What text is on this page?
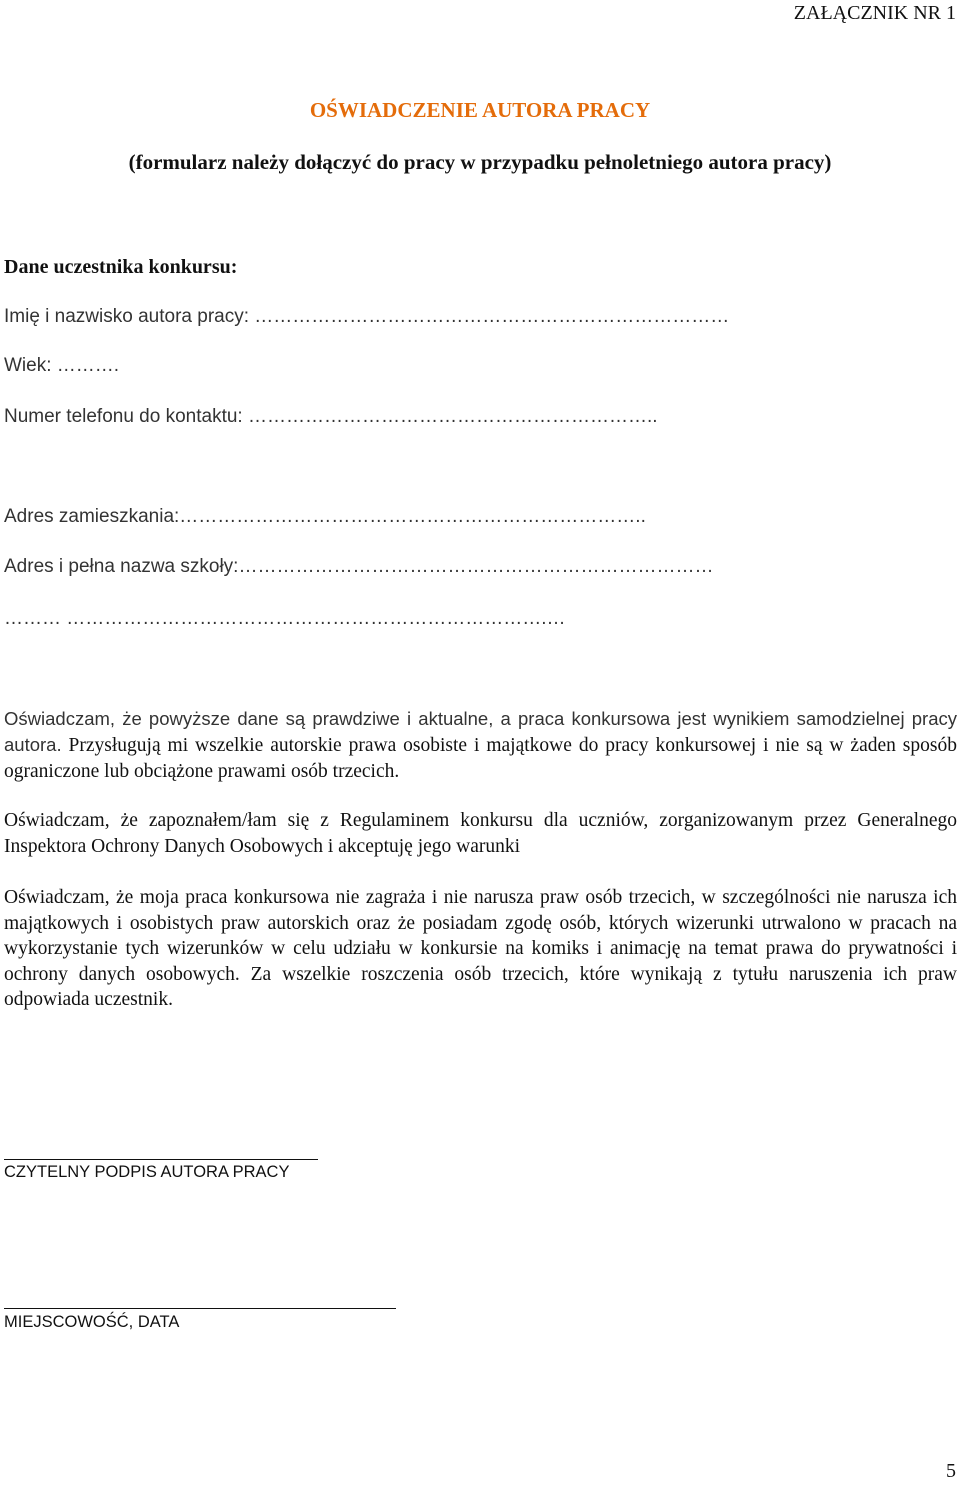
ZAŁĄCZNIK NR 1
OŚWIADCZENIE AUTORA PRACY
(formularz należy dołączyć do pracy w przypadku pełnoletniego autora pracy)
Dane uczestnika konkursu:
Imię i nazwisko autora pracy: …………………………………………………………………
Wiek: ……….
Numer telefonu do kontaktu: ………………………………………………………..
Adres zamieszkania:………………………………………………………………..
Adres i pełna nazwa szkoły:…………………………………………………………………
……… ………………………………………………………………….…
Oświadczam, że powyższe dane są prawdziwe i aktualne, a praca konkursowa jest wynikiem samodzielnej pracy autora. Przysługują mi wszelkie autorskie prawa osobiste i majątkowe do pracy konkursowej i nie są w żaden sposób ograniczone lub obciążone prawami osób trzecich.
Oświadczam, że zapoznałem/łam się z Regulaminem konkursu dla uczniów, zorganizowanym przez Generalnego Inspektora Ochrony Danych Osobowych i akceptuję jego warunki
Oświadczam, że moja praca konkursowa nie zagraża i nie narusza praw osób trzecich, w szczególności nie narusza ich majątkowych i osobistych praw autorskich oraz że posiadam zgodę osób, których wizerunki utrwalono w pracach na wykorzystanie tych wizerunków w celu udziału w konkursie na komiks i animację na temat prawa do prywatności i ochrony danych osobowych. Za wszelkie roszczenia osób trzecich, które wynikają z tytułu naruszenia ich praw odpowiada uczestnik.
CZYTELNY PODPIS AUTORA PRACY
MIEJSCOWOŚĆ, DATA
5
